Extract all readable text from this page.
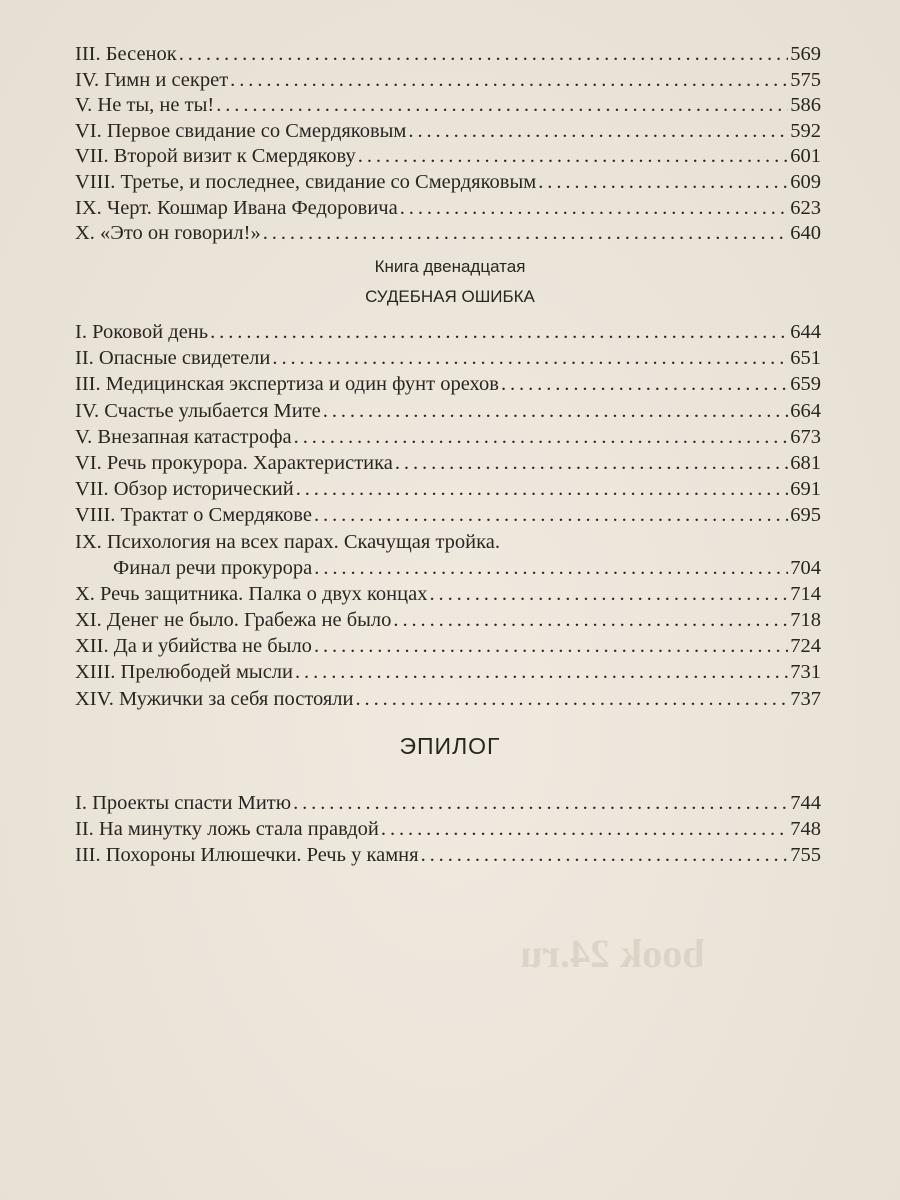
book 24.ru
III. Бесенок . . .	569
IV. Гимн и секрет . . .	575
V. Не ты, не ты! . . .	586
VI. Первое свидание со Смердяковым . . .	592
VII. Второй визит к Смердякову . . .	601
VIII. Третье, и последнее, свидание со Смердяковым . . .	609
IX. Черт. Кошмар Ивана Федоровича . . .	623
X. «Это он говорил!» . . .	640
Книга двенадцатая
СУДЕБНАЯ ОШИБКА
I. Роковой день . . .	644
II. Опасные свидетели . . .	651
III. Медицинская экспертиза и один фунт орехов . . .	659
IV. Счастье улыбается Мите . . .	664
V. Внезапная катастрофа . . .	673
VI. Речь прокурора. Характеристика . . .	681
VII. Обзор исторический . . .	691
VIII. Трактат о Смердякове . . .	695
IX. Психология на всех парах. Скачущая тройка.
Финал речи прокурора . . .	704
X. Речь защитника. Палка о двух концах . . .	714
XI. Денег не было. Грабежа не было . . .	718
XII. Да и убийства не было . . .	724
XIII. Прелюбодей мысли . . .	731
XIV. Мужички за себя постояли . . .	737
ЭПИЛОГ
I. Проекты спасти Митю . . .	744
II. На минутку ложь стала правдой . . .	748
III. Похороны Илюшечки. Речь у камня . . .	755
